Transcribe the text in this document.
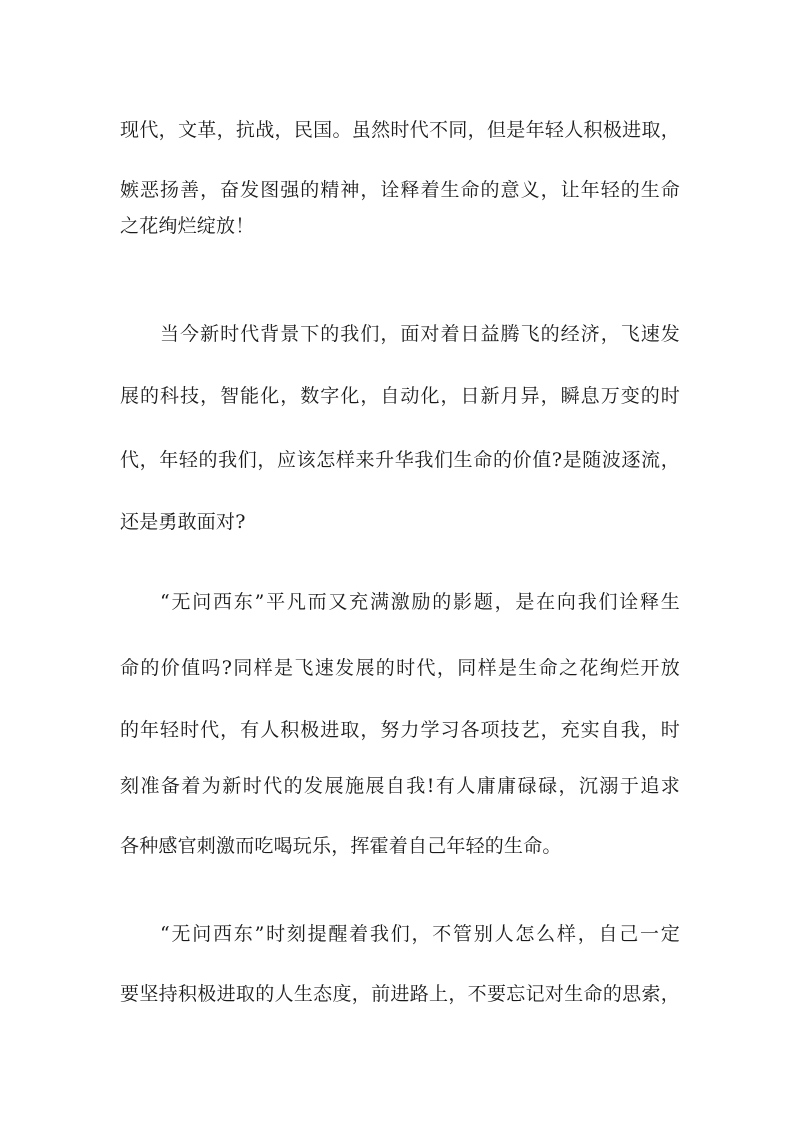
现代，文革，抗战，民国。虽然时代不同，但是年轻人积极进取，
嫉恶扬善，奋发图强的精神，诠释着生命的意义，让年轻的生命
之花绚烂绽放！
当今新时代背景下的我们，面对着日益腾飞的经济，飞速发
展的科技，智能化，数字化，自动化，日新月异，瞬息万变的时
代，年轻的我们，应该怎样来升华我们生命的价值?是随波逐流，
还是勇敢面对?
“无问西东”平凡而又充满激励的影题，是在向我们诠释生
命的价值吗?同样是飞速发展的时代，同样是生命之花绚烂开放
的年轻时代，有人积极进取，努力学习各项技艺，充实自我，时
刻准备着为新时代的发展施展自我!有人庸庸碌碌，沉溺于追求
各种感官刺激而吃喝玩乐，挥霍着自己年轻的生命。
“无问西东”时刻提醒着我们，不管别人怎么样，自己一定
要坚持积极进取的人生态度，前进路上，不要忘记对生命的思索，
